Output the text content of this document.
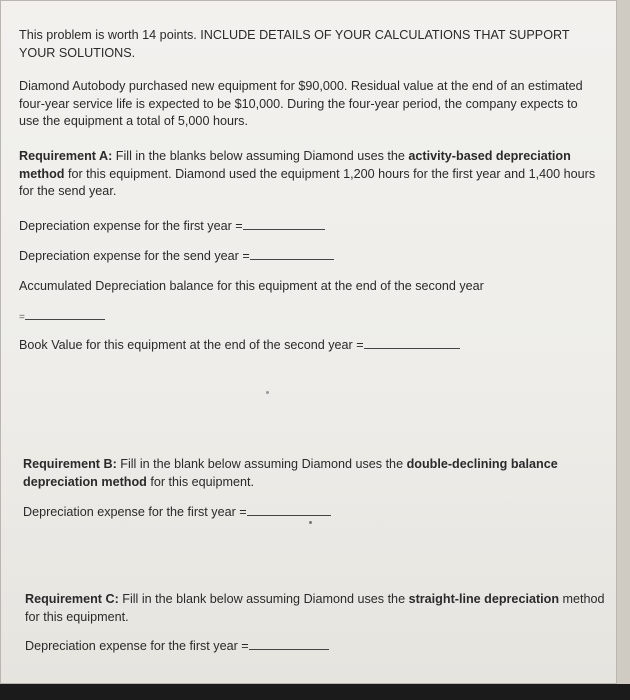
This problem is worth 14 points. INCLUDE DETAILS OF YOUR CALCULATIONS THAT SUPPORT YOUR SOLUTIONS.

Diamond Autobody purchased new equipment for $90,000. Residual value at the end of an estimated four-year service life is expected to be $10,000. During the four-year period, the company expects to use the equipment a total of 5,000 hours.

Requirement A: Fill in the blanks below assuming Diamond uses the activity-based depreciation method for this equipment. Diamond used the equipment 1,200 hours for the first year and 1,400 hours for the send year.

Depreciation expense for the first year =

Depreciation expense for the send year =

Accumulated Depreciation balance for this equipment at the end of the second year

=

Book Value for this equipment at the end of the second year =

Requirement B: Fill in the blank below assuming Diamond uses the double-declining balance depreciation method for this equipment.

Depreciation expense for the first year =

Requirement C: Fill in the blank below assuming Diamond uses the straight-line depreciation method for this equipment.

Depreciation expense for the first year =
